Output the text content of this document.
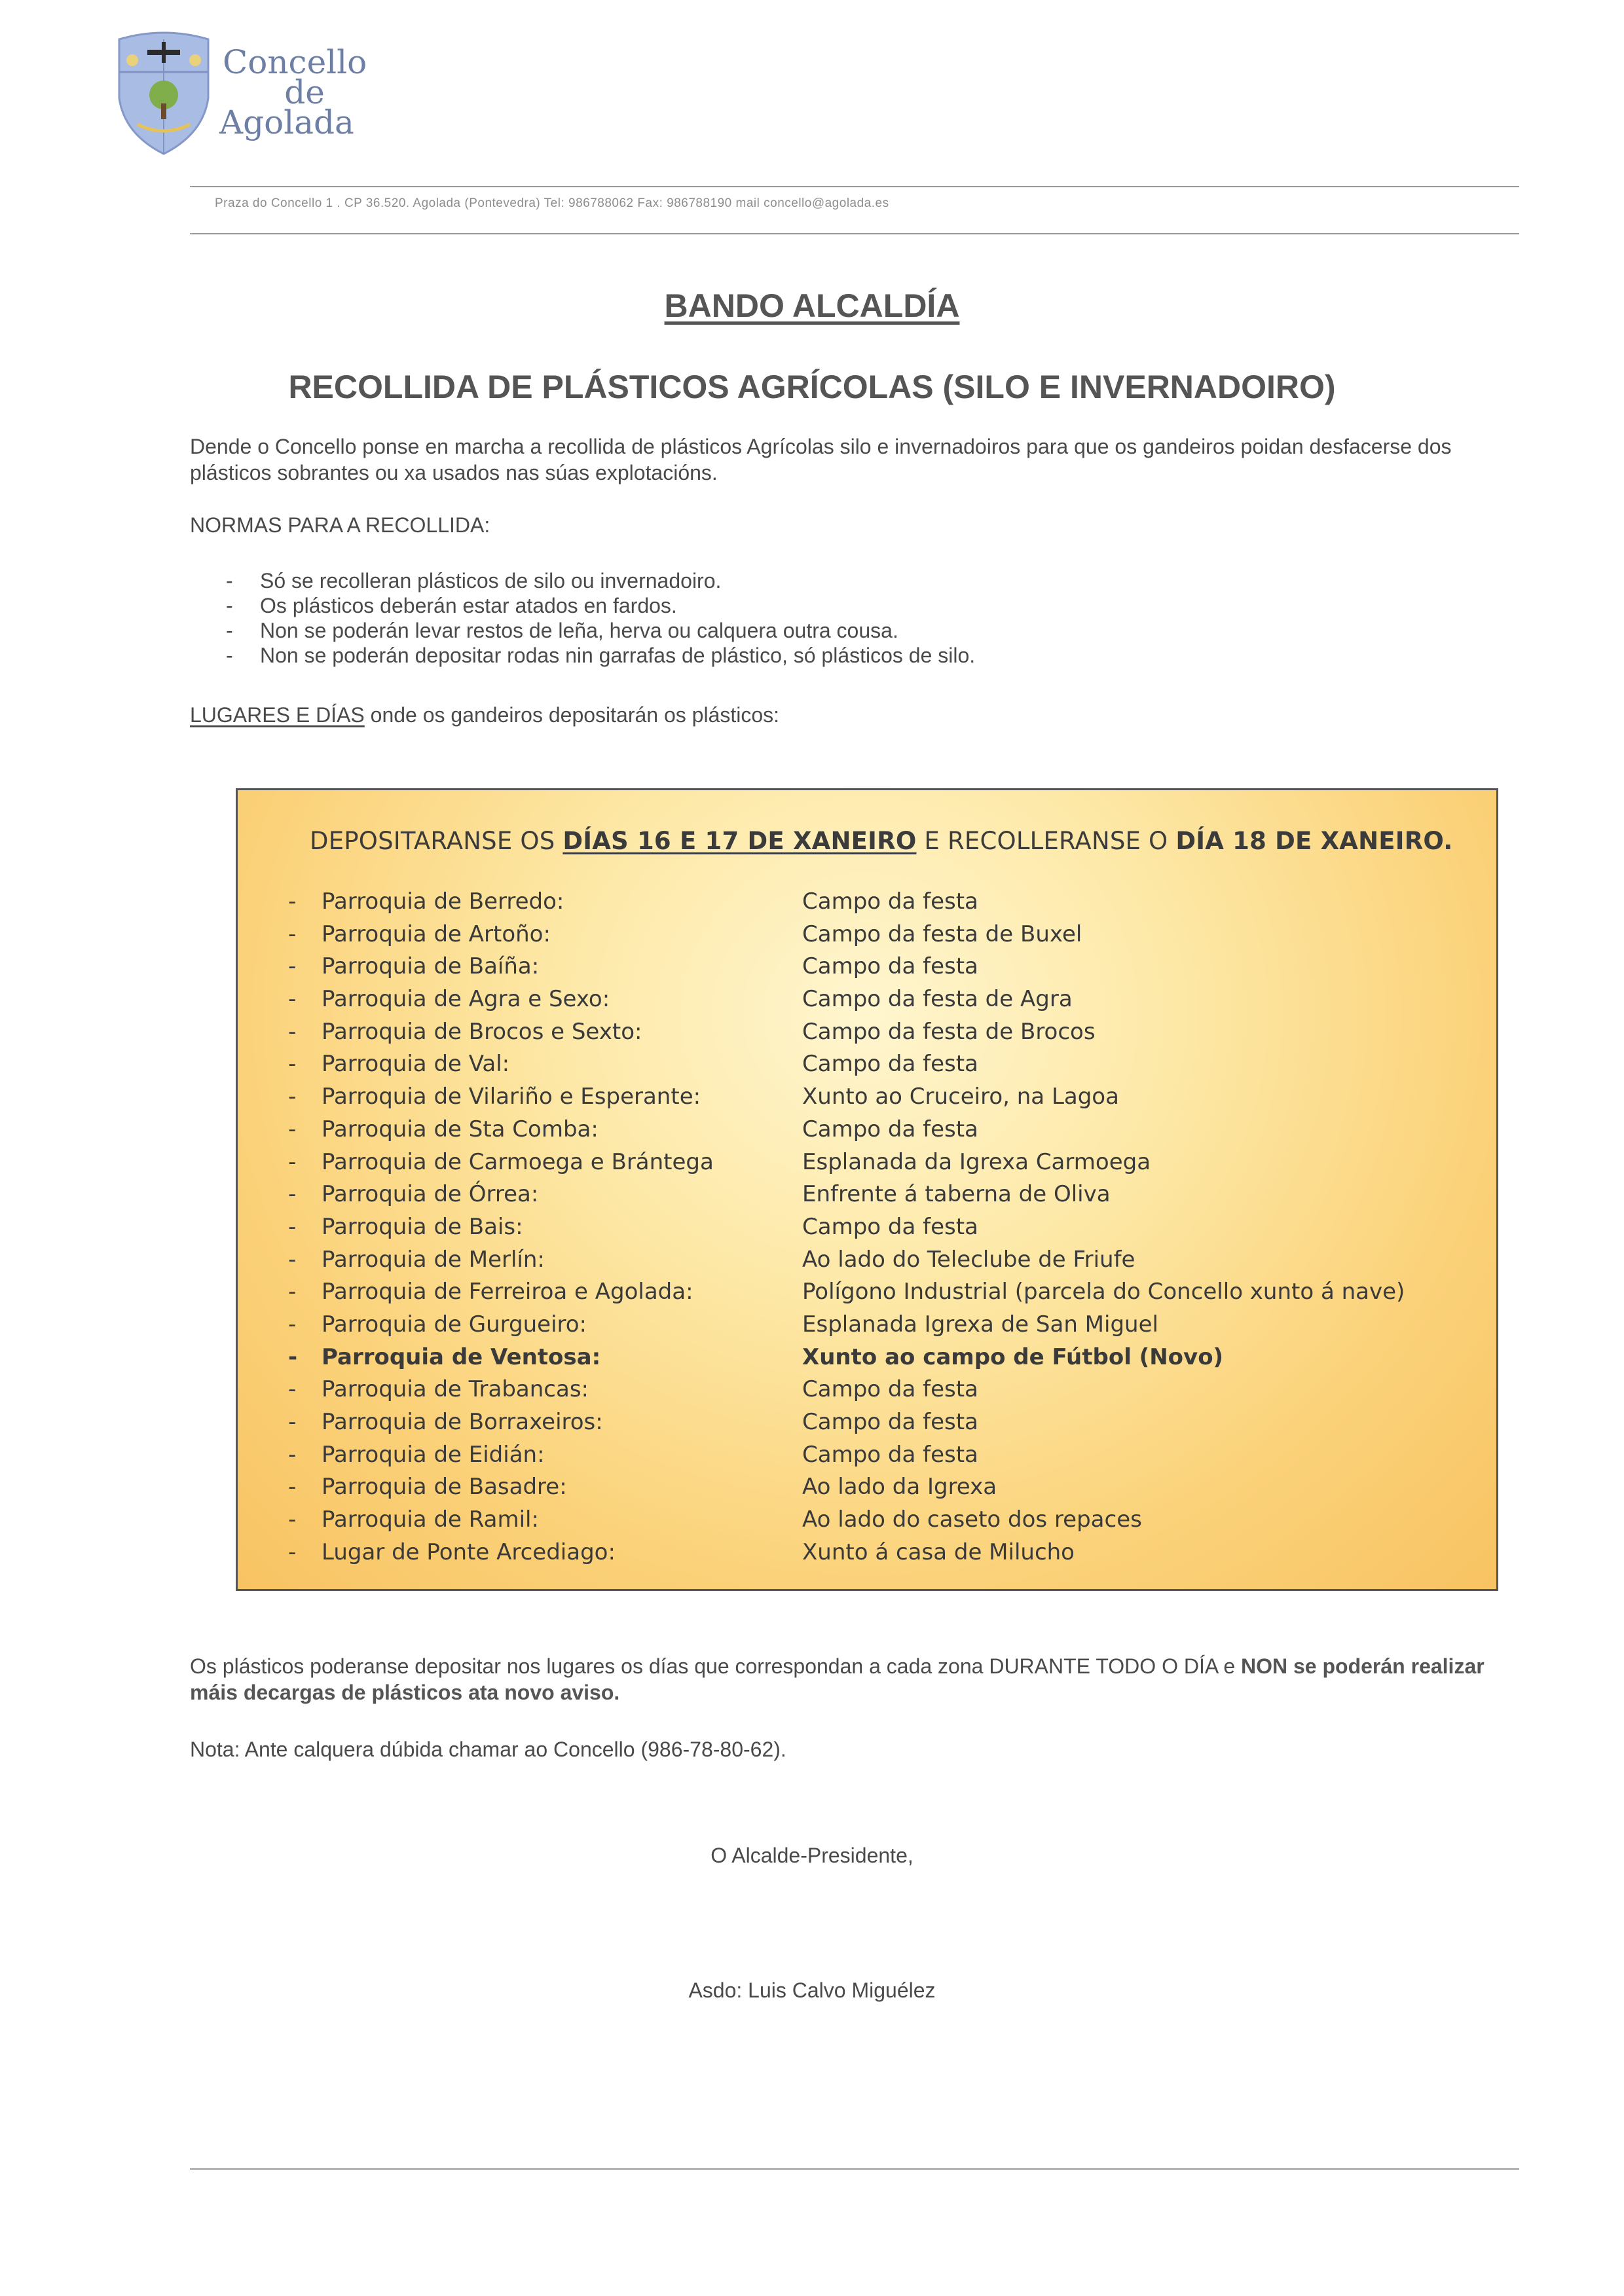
Concello
de
Agolada
Praza do Concello 1 . CP 36.520. Agolada (Pontevedra) Tel: 986788062 Fax: 986788190 mail concello@agolada.es
BANDO ALCALDÍA
RECOLLIDA DE PLÁSTICOS AGRÍCOLAS (SILO E INVERNADOIRO)
Dende o Concello ponse en marcha a recollida de plásticos Agrícolas silo e invernadoiros para que os gandeiros poidan desfacerse dos plásticos sobrantes ou xa usados nas súas explotacións.
NORMAS PARA A RECOLLIDA:
- Só se recolleran plásticos de silo ou invernadoiro.
- Os plásticos deberán estar atados en fardos.
- Non se poderán levar restos de leña, herva ou calquera outra cousa.
- Non se poderán depositar rodas nin garrafas de plástico, só plásticos de silo.
LUGARES E DÍAS onde os gandeiros depositarán os plásticos:
DEPOSITARANSE OS DÍAS 16 E 17 DE XANEIRO E RECOLLERANSE O DÍA 18 DE XANEIRO.
- Parroquia de Berredo:	Campo da festa
- Parroquia de Artoño:	Campo da festa de Buxel
- Parroquia de Baíña:	Campo da festa
- Parroquia de Agra e Sexo:	Campo da festa de Agra
- Parroquia de Brocos e Sexto:	Campo da festa de Brocos
- Parroquia de Val:	Campo da festa
- Parroquia de Vilariño e Esperante:	Xunto ao Cruceiro, na Lagoa
- Parroquia de Sta Comba:	Campo da festa
- Parroquia de Carmoega e Brántega	Esplanada da Igrexa Carmoega
- Parroquia de Órrea:	Enfrente á taberna de Oliva
- Parroquia de Bais:	Campo da festa
- Parroquia de Merlín:	Ao lado do Teleclube de Friufe
- Parroquia de Ferreiroa e Agolada:	Polígono Industrial (parcela do Concello xunto á nave)
- Parroquia de Gurgueiro:	Esplanada Igrexa de San Miguel
- Parroquia de Ventosa:	Xunto ao campo de Fútbol (Novo)
- Parroquia de Trabancas:	Campo da festa
- Parroquia de Borraxeiros:	Campo da festa
- Parroquia de Eidián:	Campo da festa
- Parroquia de Basadre:	Ao lado da Igrexa
- Parroquia de Ramil:	Ao lado do caseto dos repaces
- Lugar de Ponte Arcediago:	Xunto á casa de Milucho
Os plásticos poderanse depositar nos lugares os días que correspondan a cada zona DURANTE TODO O DÍA e NON se poderán realizar máis decargas de plásticos ata novo aviso.
Nota: Ante calquera dúbida chamar ao Concello (986-78-80-62).
O Alcalde-Presidente,
Asdo: Luis Calvo Miguélez
